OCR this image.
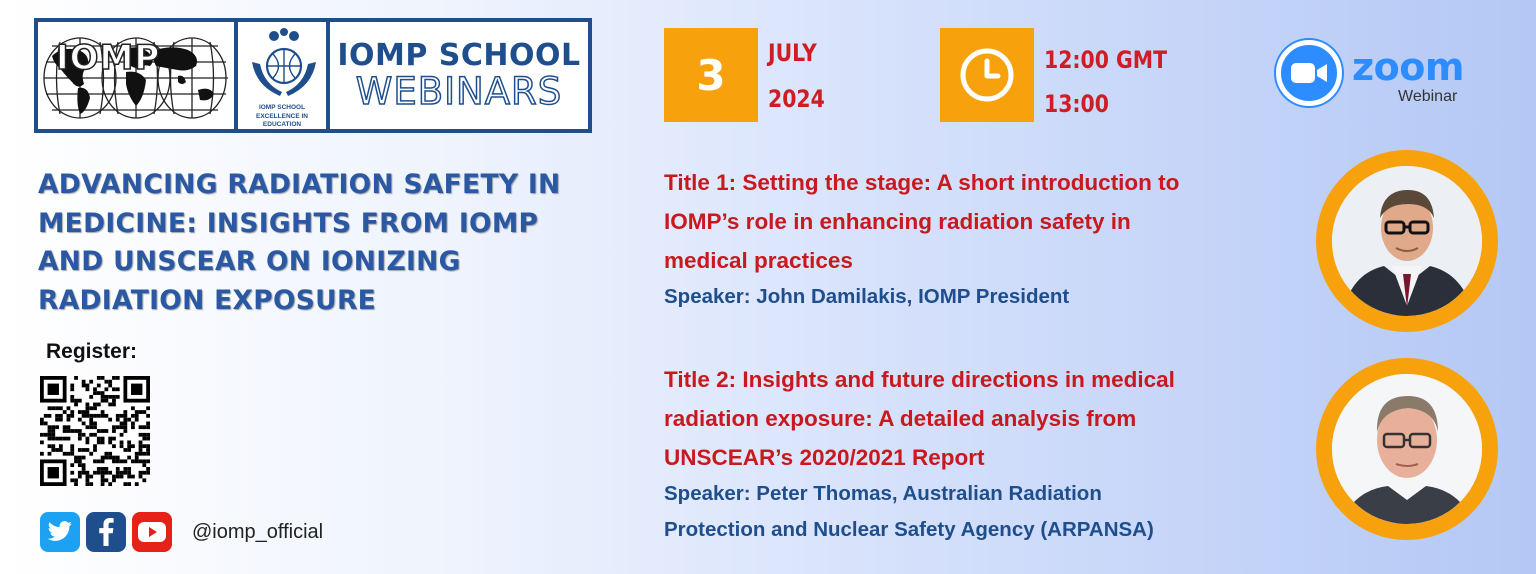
IOMP
IOMP SCHOOL
EXCELLENCE IN EDUCATION
IOMP SCHOOL
WEBINARS
ADVANCING RADIATION SAFETY IN MEDICINE: INSIGHTS FROM IOMP AND UNSCEAR ON IONIZING RADIATION EXPOSURE
Register:
@iomp_official
3 JULY
2024
12:00 GMT
13:00
zoom
Webinar
Title 1: Setting the stage: A short introduction to
IOMP’s role in enhancing radiation safety in
medical practices
Speaker: John Damilakis, IOMP President
Title 2: Insights and future directions in medical
radiation exposure: A detailed analysis from
UNSCEAR’s 2020/2021 Report
Speaker: Peter Thomas, Australian Radiation
Protection and Nuclear Safety Agency (ARPANSA)
